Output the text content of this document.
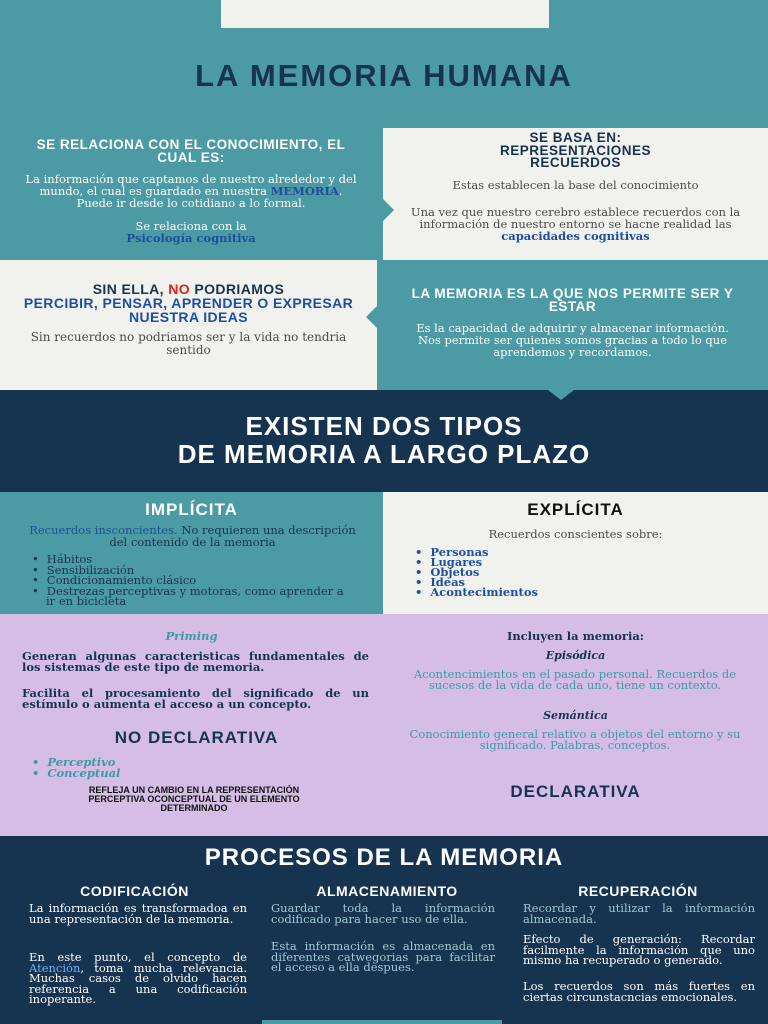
LA MEMORIA HUMANA
SE RELACIONA CON EL CONOCIMIENTO, EL CUAL ES:
La información que captamos de nuestro alrededor y del mundo, el cual es guardado en nuestra MEMORIA. Puede ir desde lo cotidiano a lo formal.
Se relaciona con la
Psicología cognitiva
SE BASA EN: REPRESENTACIONES RECUERDOS
Estas establecen la base del conocimiento
Una vez que nuestro cerebro establece recuerdos con la información de nuestro entorno se hacne realidad las capacidades cognitivas
SIN ELLA, NO PODRIAMOS
PERCIBIR, PENSAR, APRENDER O EXPRESAR NUESTRA IDEAS
Sin recuerdos no podriamos ser y la vida no tendria sentido
LA MEMORIA ES LA QUE NOS PERMITE SER Y ESTAR
Es la capacidad de adquirir y almacenar información. Nos permite ser quienes somos gracias a todo lo que aprendemos y recordamos.
EXISTEN DOS TIPOS
DE MEMORIA A LARGO PLAZO
IMPLÍCITA
Recuerdos insconcientes. No requieren una descripción del contenido de la memoria
• Hábitos
• Sensibilización
• Condicionamiento clásico
• Destrezas perceptivas y motoras, como aprender a ir en bicicleta
EXPLÍCITA
Recuerdos conscientes sobre:
• Personas
• Lugares
• Objetos
• Ideas
• Acontecimientos
Priming
Generan algunas caracteristicas fundamentales de los sistemas de este tipo de memoria.
Facilita el procesamiento del significado de un estímulo o aumenta el acceso a un concepto.
NO DECLARATIVA
• Perceptivo
• Conceptual
REFLEJA UN CAMBIO EN LA REPRESENTACIÓN PERCEPTIVA OCONCEPTUAL DE UN ELEMENTO DETERMINADO
Incluyen la memoria:
Episódica
Acontencimientos en el pasado personal. Recuerdos de sucesos de la vida de cada uno, tiene un contexto.
Semántica
Conocimiento general relativo a objetos del entorno y su significado. Palabras, conceptos.
DECLARATIVA
PROCESOS DE LA MEMORIA
CODIFICACIÓN
La información es transformadoa en una representación de la memoria.
En este punto, el concepto de Atención, toma mucha relevancia. Muchas casos de olvido hacen referencia a una codificación inoperante.
ALMACENAMIENTO
Guardar toda la información codificado para hacer uso de ella.
Esta información es almacenada en diferentes catwegorias para facilitar el acceso a ella despues.
RECUPERACIÓN
Recordar y utilizar la información almacenada.
Efecto de generación: Recordar facilmente la información que uno mismo ha recuperado o generado.
Los recuerdos son más fuertes en ciertas circunstacncias emocionales.
